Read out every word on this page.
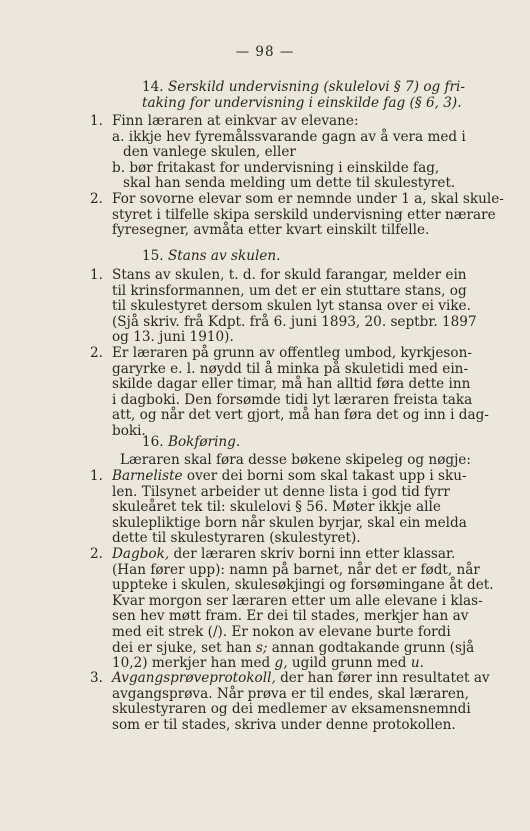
— 98 —
14. Serskild undervisning (skulelovi § 7) og fri-
taking for undervisning i einskilde fag (§ 6, 3).
1. Finn læraren at einkvar av elevane:
a. ikkje hev fyremålssvarande gagn av å vera med i
den vanlege skulen, eller
b. bør fritakast for undervisning i einskilde fag,
skal han senda melding um dette til skulestyret.
2. For sovorne elevar som er nemnde under 1 a, skal skule-
styret i tilfelle skipa serskild undervisning etter nærare
fyresegner, avmåta etter kvart einskilt tilfelle.
15. Stans av skulen.
1. Stans av skulen, t. d. for skuld farangar, melder ein
til krinsformannen, um det er ein stuttare stans, og
til skulestyret dersom skulen lyt stansa over ei vike.
(Sjå skriv. frå Kdpt. frå 6. juni 1893, 20. septbr. 1897
og 13. juni 1910).
2. Er læraren på grunn av offentleg umbod, kyrkjeson-
garyrke e. l. nøydd til å minka på skuletidi med ein-
skilde dagar eller timar, må han alltid føra dette inn
i dagboki. Den forsømde tidi lyt læraren freista taka
att, og når det vert gjort, må han føra det og inn i dag-
boki.
16. Bokføring.
Læraren skal føra desse bøkene skipeleg og nøgje:
1. Barneliste over dei borni som skal takast upp i sku-
len. Tilsynet arbeider ut denne lista i god tid fyrr
skuleåret tek til: skulelovi § 56. Møter ikkje alle
skulepliktige born når skulen byrjar, skal ein melda
dette til skulestyraren (skulestyret).
2. Dagbok, der læraren skriv borni inn etter klassar.
(Han fører upp): namn på barnet, når det er født, når
uppteke i skulen, skulesøkjingi og forsømingane åt det.
Kvar morgon ser læraren etter um alle elevane i klas-
sen hev møtt fram. Er dei til stades, merkjer han av
med eit strek (/). Er nokon av elevane burte fordi
dei er sjuke, set han s; annan godtakande grunn (sjå
10,2) merkjer han med g, ugild grunn med u.
3. Avgangsprøveprotokoll, der han fører inn resultatet av
avgangsprøva. Når prøva er til endes, skal læraren,
skulestyraren og dei medlemer av eksamensnemndi
som er til stades, skriva under denne protokollen.
